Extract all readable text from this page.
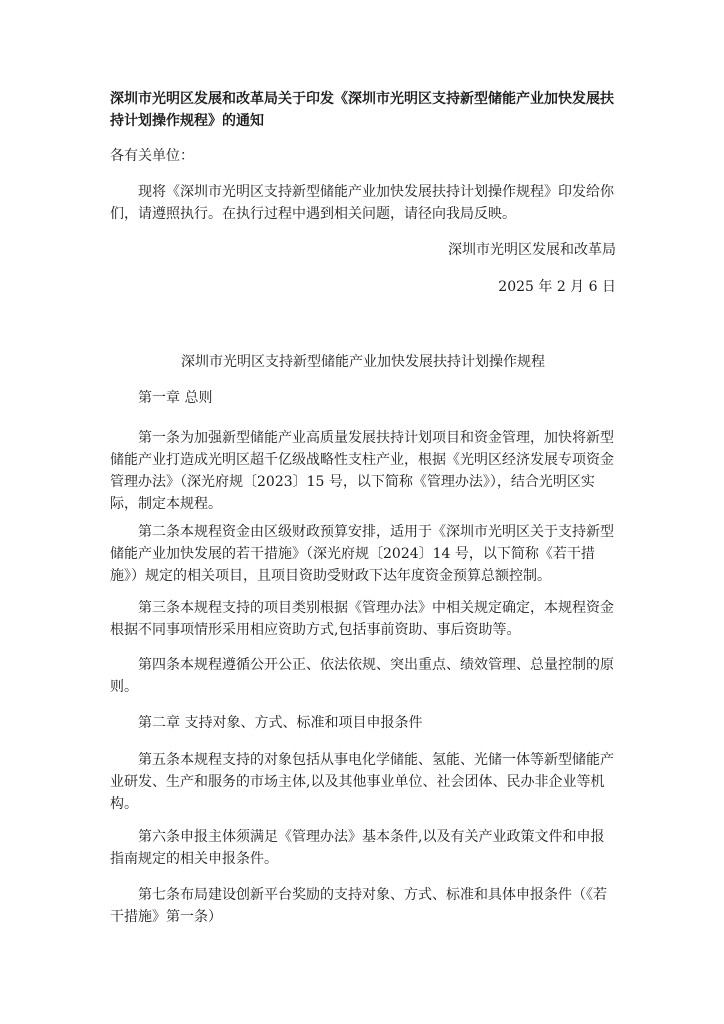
深圳市光明区发展和改革局关于印发《深圳市光明区支持新型储能产业加快发展扶持计划操作规程》的通知

各有关单位：

现将《深圳市光明区支持新型储能产业加快发展扶持计划操作规程》印发给你们，请遵照执行。在执行过程中遇到相关问题，请径向我局反映。

深圳市光明区发展和改革局

2025 年 2 月 6 日

深圳市光明区支持新型储能产业加快发展扶持计划操作规程

第一章 总则

第一条为加强新型储能产业高质量发展扶持计划项目和资金管理，加快将新型储能产业打造成光明区超千亿级战略性支柱产业，根据《光明区经济发展专项资金管理办法》（深光府规〔2023〕15 号，以下简称《管理办法》），结合光明区实际，制定本规程。

第二条本规程资金由区级财政预算安排，适用于《深圳市光明区关于支持新型储能产业加快发展的若干措施》（深光府规〔2024〕14 号，以下简称《若干措施》）规定的相关项目，且项目资助受财政下达年度资金预算总额控制。

第三条本规程支持的项目类别根据《管理办法》中相关规定确定，本规程资金根据不同事项情形采用相应资助方式,包括事前资助、事后资助等。

第四条本规程遵循公开公正、依法依规、突出重点、绩效管理、总量控制的原则。

第二章 支持对象、方式、标准和项目申报条件

第五条本规程支持的对象包括从事电化学储能、氢能、光储一体等新型储能产业研发、生产和服务的市场主体,以及其他事业单位、社会团体、民办非企业等机构。

第六条申报主体须满足《管理办法》基本条件,以及有关产业政策文件和申报指南规定的相关申报条件。

第七条布局建设创新平台奖励的支持对象、方式、标准和具体申报条件（《若干措施》第一条）
